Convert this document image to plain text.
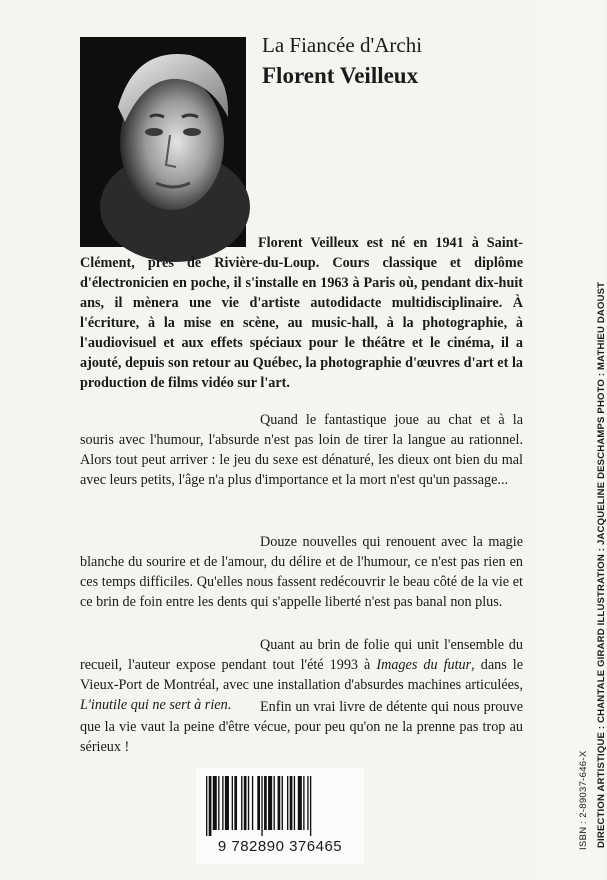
La Fiancée d'Archi
Florent Veilleux

Florent Veilleux est né en 1941 à Saint-Clément, près de Rivière-du-Loup. Cours classique et diplôme d'électronicien en poche, il s'installe en 1963 à Paris où, pendant dix-huit ans, il mènera une vie d'artiste autodidacte multidisciplinaire. À l'écriture, à la mise en scène, au music-hall, à la photographie, à l'audiovisuel et aux effets spéciaux pour le théâtre et le cinéma, il a ajouté, depuis son retour au Québec, la photographie d'œuvres d'art et la production de films vidéo sur l'art.

Quand le fantastique joue au chat et à la souris avec l'humour, l'absurde n'est pas loin de tirer la langue au rationnel. Alors tout peut arriver : le jeu du sexe est dénaturé, les dieux ont bien du mal avec leurs petits, l'âge n'a plus d'importance et la mort n'est qu'un passage...

Douze nouvelles qui renouent avec la magie blanche du sourire et de l'amour, du délire et de l'humour, ce n'est pas rien en ces temps difficiles. Qu'elles nous fassent redécouvrir le beau côté de la vie et ce brin de foin entre les dents qui s'appelle liberté n'est pas banal non plus.

Quant au brin de folie qui unit l'ensemble du recueil, l'auteur expose pendant tout l'été 1993 à Images du futur, dans le Vieux-Port de Montréal, avec une installation d'absurdes machines articulées, L'inutile qui ne sert à rien.	Enfin un vrai livre de détente qui nous prouve que la vie vaut la peine d'être vécue, pour peu qu'on ne la prenne pas trop au sérieux !

9 782890 376465	ISBN : 2-89037-646-X DIRECTION ARTISTIQUE : CHANTALE GIRARD ILLUSTRATION : JACQUELINE DESCHAMPS PHOTO : MATHIEU DAOUST
